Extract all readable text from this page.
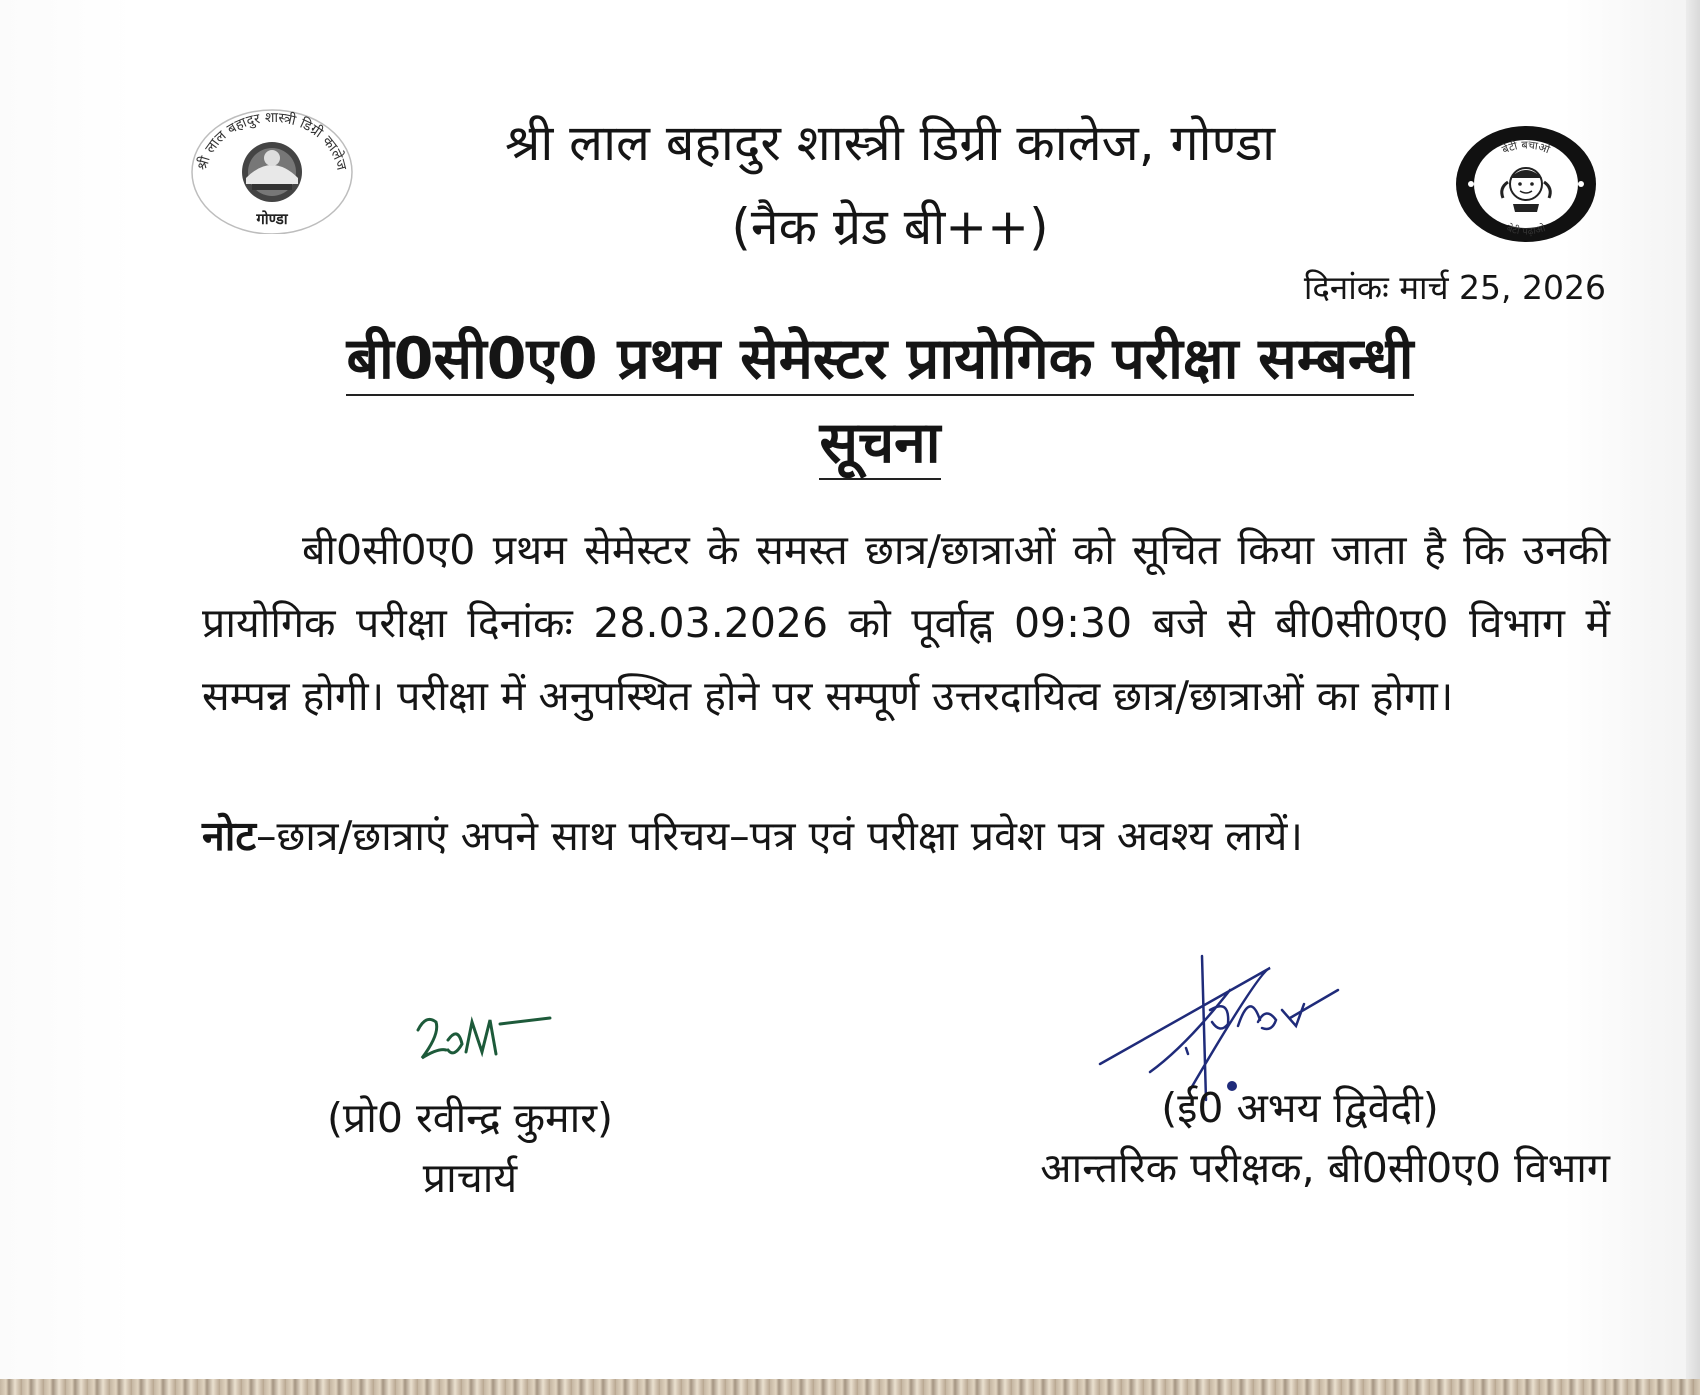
श्री लाल बहादुर शास्त्री डिग्री कालेज
गोण्डा
बेटी बचाओ
बेटी पढ़ाओ
श्री लाल बहादुर शास्त्री डिग्री कालेज, गोण्डा
(नैक ग्रेड बी++)
दिनांकः मार्च 25, 2026
बी0सी0ए0 प्रथम सेमेस्टर प्रायोगिक परीक्षा सम्बन्धी
सूचना
बी0सी0ए0 प्रथम सेमेस्टर के समस्त छात्र/छात्राओं को सूचित किया जाता है कि उनकी प्रायोगिक परीक्षा दिनांकः 28.03.2026 को पूर्वाह्न 09:30 बजे से बी0सी0ए0 विभाग में सम्पन्न होगी। परीक्षा में अनुपस्थित होने पर सम्पूर्ण उत्तरदायित्व छात्र/छात्राओं का होगा।
नोट–छात्र/छात्राएं अपने साथ परिचय–पत्र एवं परीक्षा प्रवेश पत्र अवश्य लायें।
(प्रो0 रवीन्द्र कुमार)
प्राचार्य
(ई0 अभय द्विवेदी)
आन्तरिक परीक्षक, बी0सी0ए0 विभाग
